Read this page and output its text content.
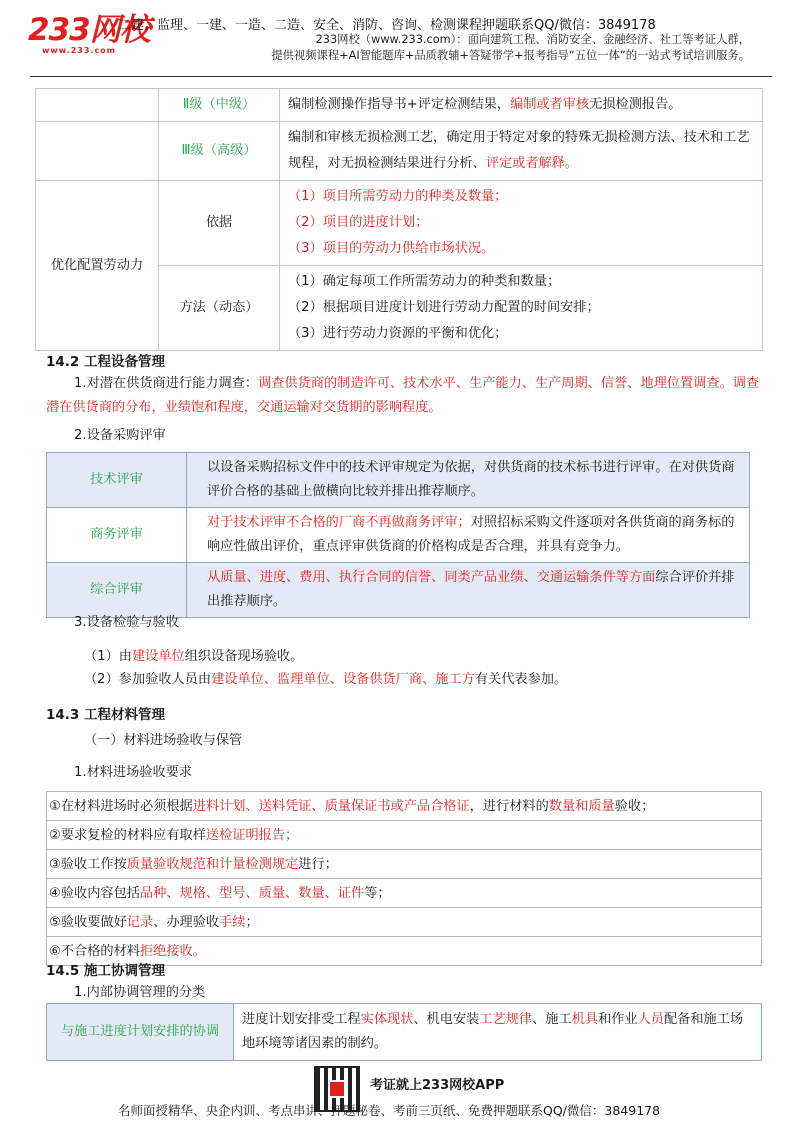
233网校
www.233.com
二建、监理、一建、一造、二造、安全、消防、咨询、检测课程押题联系QQ/微信：3849178
233网校（www.233.com）：面向建筑工程、消防安全、金融经济、社工等考证人群，
提供视频课程+AI智能题库+品质教辅+答疑带学+报考指导“五位一体”的一站式考试培训服务。
	Ⅱ级（中级）	编制检测操作指导书+评定检测结果，编制或者审核无损检测报告。
	Ⅲ级（高级）	编制和审核无损检测工艺，确定用于特定对象的特殊无损检测方法、技术和工艺规程，对无损检测结果进行分析、评定或者解释。
优化配置劳动力	依据	（1）项目所需劳动力的种类及数量；
（2）项目的进度计划；
（3）项目的劳动力供给市场状况。

	方法（动态）	（1）确定每项工作所需劳动力的种类和数量；
（2）根据项目进度计划进行劳动力配置的时间安排；
（3）进行劳动力资源的平衡和优化；
14.2 工程设备管理
1.对潜在供货商进行能力调查：调查供货商的制造许可、技术水平、生产能力、生产周期、信誉、地理位置调查。调查潜在供货商的分布，业绩饱和程度，交通运输对交货期的影响程度。
2.设备采购评审
技术评审	以设备采购招标文件中的技术评审规定为依据，对供货商的技术标书进行评审。在对供货商评价合格的基础上做横向比较并排出推荐顺序。
商务评审	对于技术评审不合格的厂商不再做商务评审；对照招标采购文件逐项对各供货商的商务标的响应性做出评价，重点评审供货商的价格构成是否合理，并具有竞争力。
综合评审	从质量、进度、费用、执行合同的信誉、同类产品业绩、交通运输条件等方面综合评价并排出推荐顺序。
3.设备检验与验收
（1）由建设单位组织设备现场验收。
（2）参加验收人员由建设单位、监理单位、设备供货厂商、施工方有关代表参加。
14.3 工程材料管理
（一）材料进场验收与保管
1.材料进场验收要求
①在材料进场时必须根据进料计划、送料凭证、质量保证书或产品合格证，进行材料的数量和质量验收；
②要求复检的材料应有取样送检证明报告；
③验收工作按质量验收规范和计量检测规定进行；
④验收内容包括品种、规格、型号、质量、数量、证件等；
⑤验收要做好记录、办理验收手续；
⑥不合格的材料拒绝接收。
14.5 施工协调管理
1.内部协调管理的分类
与施工进度计划安排的协调	进度计划安排受工程实体现状、机电安装工艺规律、施工机具和作业人员配备和施工场地环境等诸因素的制约。
考证就上233网校APP
名师面授精华、央企内训、考点串讲、押题秘卷、考前三页纸、免费押题联系QQ/微信：3849178
